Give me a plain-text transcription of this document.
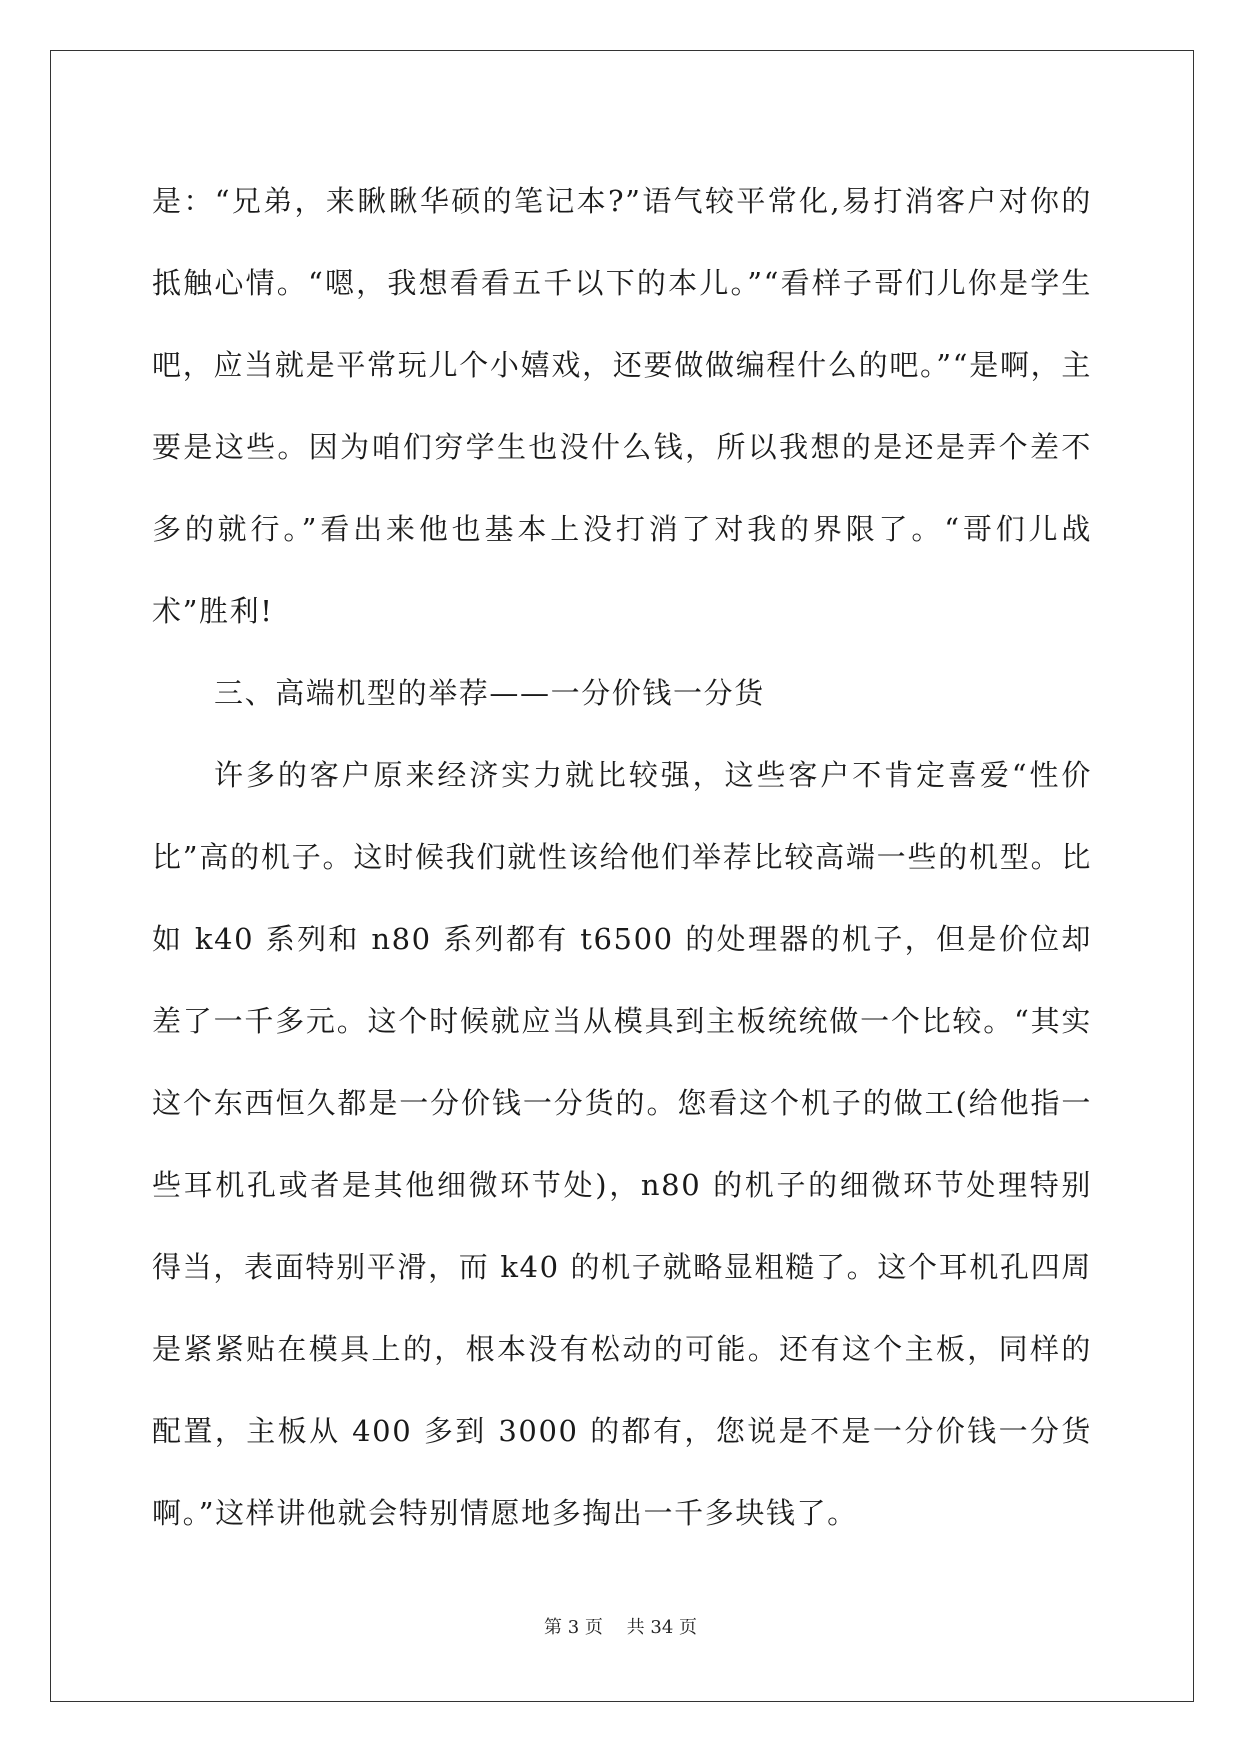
是：“兄弟，来瞅瞅华硕的笔记本?”语气较平常化,易打消客户对你的抵触心情。“嗯，我想看看五千以下的本儿。”“看样子哥们儿你是学生吧，应当就是平常玩儿个小嬉戏，还要做做编程什么的吧。”“是啊，主要是这些。因为咱们穷学生也没什么钱，所以我想的是还是弄个差不多的就行。”看出来他也基本上没打消了对我的界限了。“哥们儿战术”胜利!

三、高端机型的举荐——一分价钱一分货

许多的客户原来经济实力就比较强，这些客户不肯定喜爱“性价比”高的机子。这时候我们就性该给他们举荐比较高端一些的机型。比如 k40 系列和 n80 系列都有 t6500 的处理器的机子，但是价位却差了一千多元。这个时候就应当从模具到主板统统做一个比较。“其实这个东西恒久都是一分价钱一分货的。您看这个机子的做工(给他指一些耳机孔或者是其他细微环节处)，n80 的机子的细微环节处理特别得当，表面特别平滑，而 k40 的机子就略显粗糙了。这个耳机孔四周是紧紧贴在模具上的，根本没有松动的可能。还有这个主板，同样的配置，主板从 400 多到 3000 的都有，您说是不是一分价钱一分货啊。”这样讲他就会特别情愿地多掏出一千多块钱了。

第 3 页 共 34 页
